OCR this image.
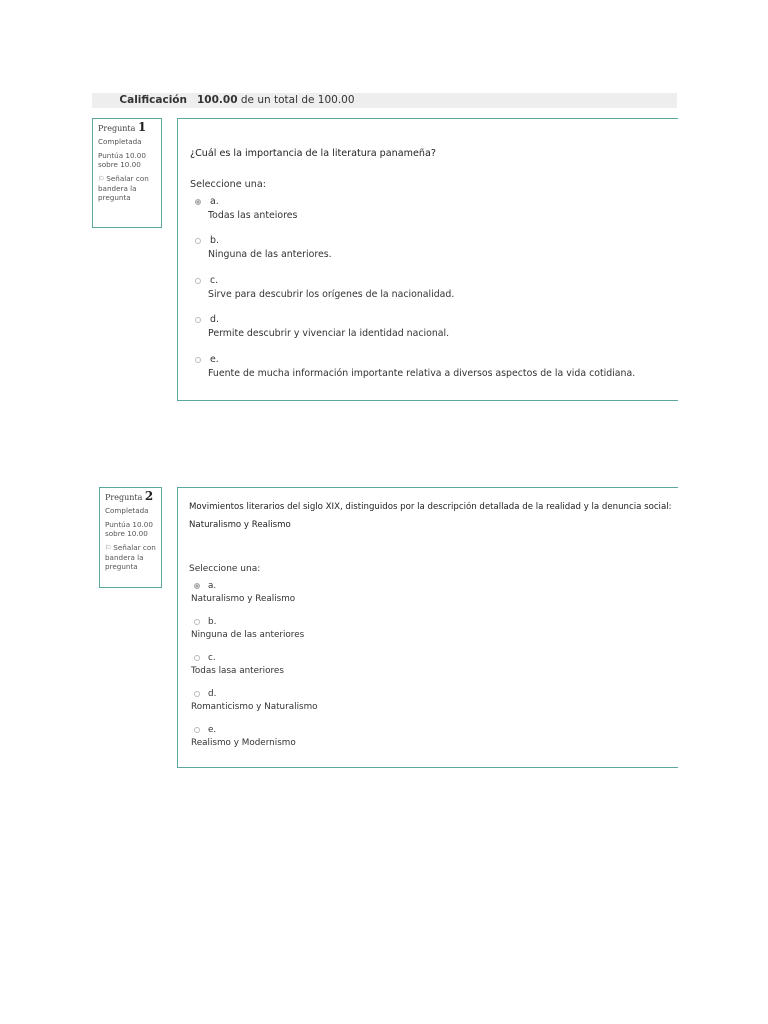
Calificación 100.00 de un total de 100.00
Pregunta 1
Completada
Puntúa 10.00
sobre 10.00
⚐ Señalar con
bandera la
pregunta
¿Cuál es la importancia de la literatura panameña?
Seleccione una:
a.
Todas las anteiores
b.
Ninguna de las anteriores.
c.
Sirve para descubrir los orígenes de la nacionalidad.
d.
Permite descubrir y vivenciar la identidad nacional.
e.
Fuente de mucha información importante relativa a diversos aspectos de la vida cotidiana.
Pregunta 2
Completada
Puntúa 10.00
sobre 10.00
⚐ Señalar con
bandera la
pregunta
Movimientos literarios del siglo XIX, distinguidos por la descripción detallada de la realidad y la denuncia social:
Naturalismo y Realismo
Seleccione una:
a.
Naturalismo y Realismo
b.
Ninguna de las anteriores
c.
Todas lasa anteriores
d.
Romanticismo y Naturalismo
e.
Realismo y Modernismo
